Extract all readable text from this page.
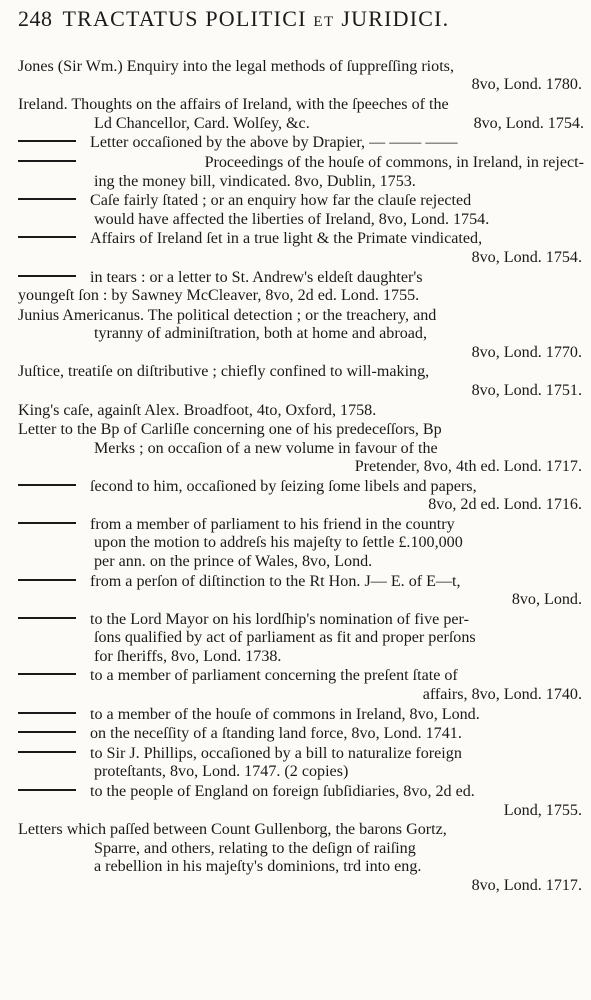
248 TRACTATUS POLITICI ET JURIDICI.
Jones (Sir Wm.) Enquiry into the legal methods of ſuppreſſing riots,
8vo, Lond. 1780.
Ireland. Thoughts on the affairs of Ireland, with the ſpeeches of the
Ld Chancellor, Card. Wolſey, &c.	8vo, Lond. 1754.
Letter occaſioned by the above by Drapier, — —— ——
Proceedings of the houſe of commons, in Ireland, in reject-
ing the money bill, vindicated. 8vo, Dublin, 1753.
Caſe fairly ſtated ; or an enquiry how far the clauſe rejected
would have affected the liberties of Ireland, 8vo, Lond. 1754.
Affairs of Ireland ſet in a true light & the Primate vindicated,
8vo, Lond. 1754.
in tears : or a letter to St. Andrew's eldeſt daughter's
youngeſt ſon : by Sawney McCleaver, 8vo, 2d ed. Lond. 1755.
Junius Americanus. The political detection ; or the treachery, and
tyranny of adminiſtration, both at home and abroad,
8vo, Lond. 1770.
Juſtice, treatiſe on diſtributive ; chiefly confined to will-making,
8vo, Lond. 1751.
King's caſe, againſt Alex. Broadfoot, 4to, Oxford, 1758.
Letter to the Bp of Carliſle concerning one of his predeceſſors, Bp
Merks ; on occaſion of a new volume in favour of the
Pretender, 8vo, 4th ed. Lond. 1717.
ſecond to him, occaſioned by ſeizing ſome libels and papers,
8vo, 2d ed. Lond. 1716.
from a member of parliament to his friend in the country
upon the motion to addreſs his majeſty to ſettle £.100,000
per ann. on the prince of Wales, 8vo, Lond.
from a perſon of diſtinction to the Rt Hon. J— E. of E—t,
8vo, Lond.
to the Lord Mayor on his lordſhip's nomination of five per-
ſons qualified by act of parliament as fit and proper perſons
for ſheriffs, 8vo, Lond. 1738.
to a member of parliament concerning the preſent ſtate of
affairs, 8vo, Lond. 1740.
to a member of the houſe of commons in Ireland, 8vo, Lond.
on the neceſſity of a ſtanding land force, 8vo, Lond. 1741.
to Sir J. Phillips, occaſioned by a bill to naturalize foreign
proteſtants, 8vo, Lond. 1747. (2 copies)
to the people of England on foreign ſubſidiaries, 8vo, 2d ed.
Lond, 1755.
Letters which paſſed between Count Gullenborg, the barons Gortz,
Sparre, and others, relating to the deſign of raiſing
a rebellion in his majeſty's dominions, trd into eng.
8vo, Lond. 1717.
